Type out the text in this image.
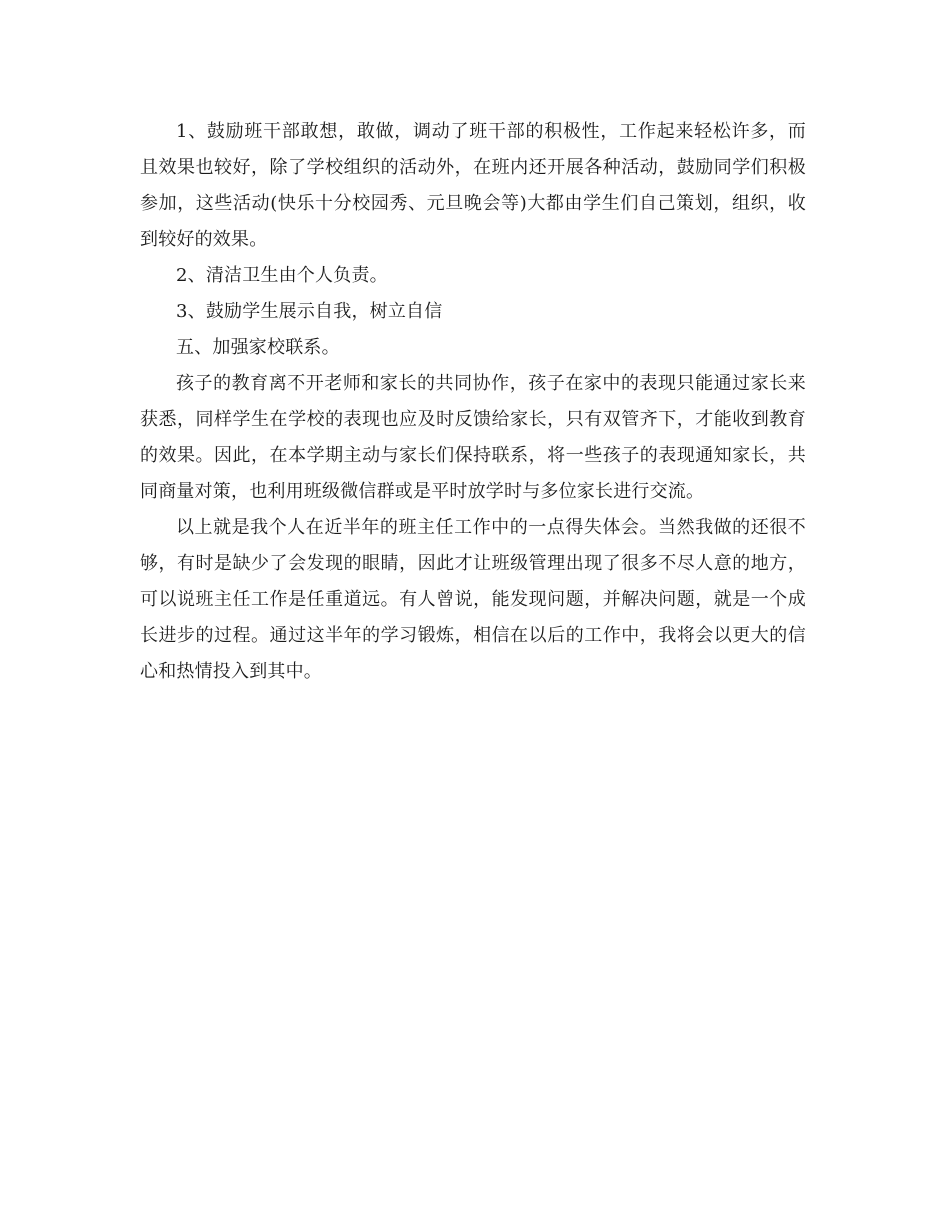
1、鼓励班干部敢想，敢做，调动了班干部的积极性，工作起来轻松许多，而且效果也较好，除了学校组织的活动外，在班内还开展各种活动，鼓励同学们积极参加，这些活动(快乐十分校园秀、元旦晚会等)大都由学生们自己策划，组织，收到较好的效果。

2、清洁卫生由个人负责。

3、鼓励学生展示自我，树立自信

五、加强家校联系。

孩子的教育离不开老师和家长的共同协作，孩子在家中的表现只能通过家长来获悉，同样学生在学校的表现也应及时反馈给家长，只有双管齐下，才能收到教育的效果。因此，在本学期主动与家长们保持联系，将一些孩子的表现通知家长，共同商量对策，也利用班级微信群或是平时放学时与多位家长进行交流。

以上就是我个人在近半年的班主任工作中的一点得失体会。当然我做的还很不够，有时是缺少了会发现的眼睛，因此才让班级管理出现了很多不尽人意的地方，可以说班主任工作是任重道远。有人曾说，能发现问题，并解决问题，就是一个成长进步的过程。通过这半年的学习锻炼，相信在以后的工作中，我将会以更大的信心和热情投入到其中。
